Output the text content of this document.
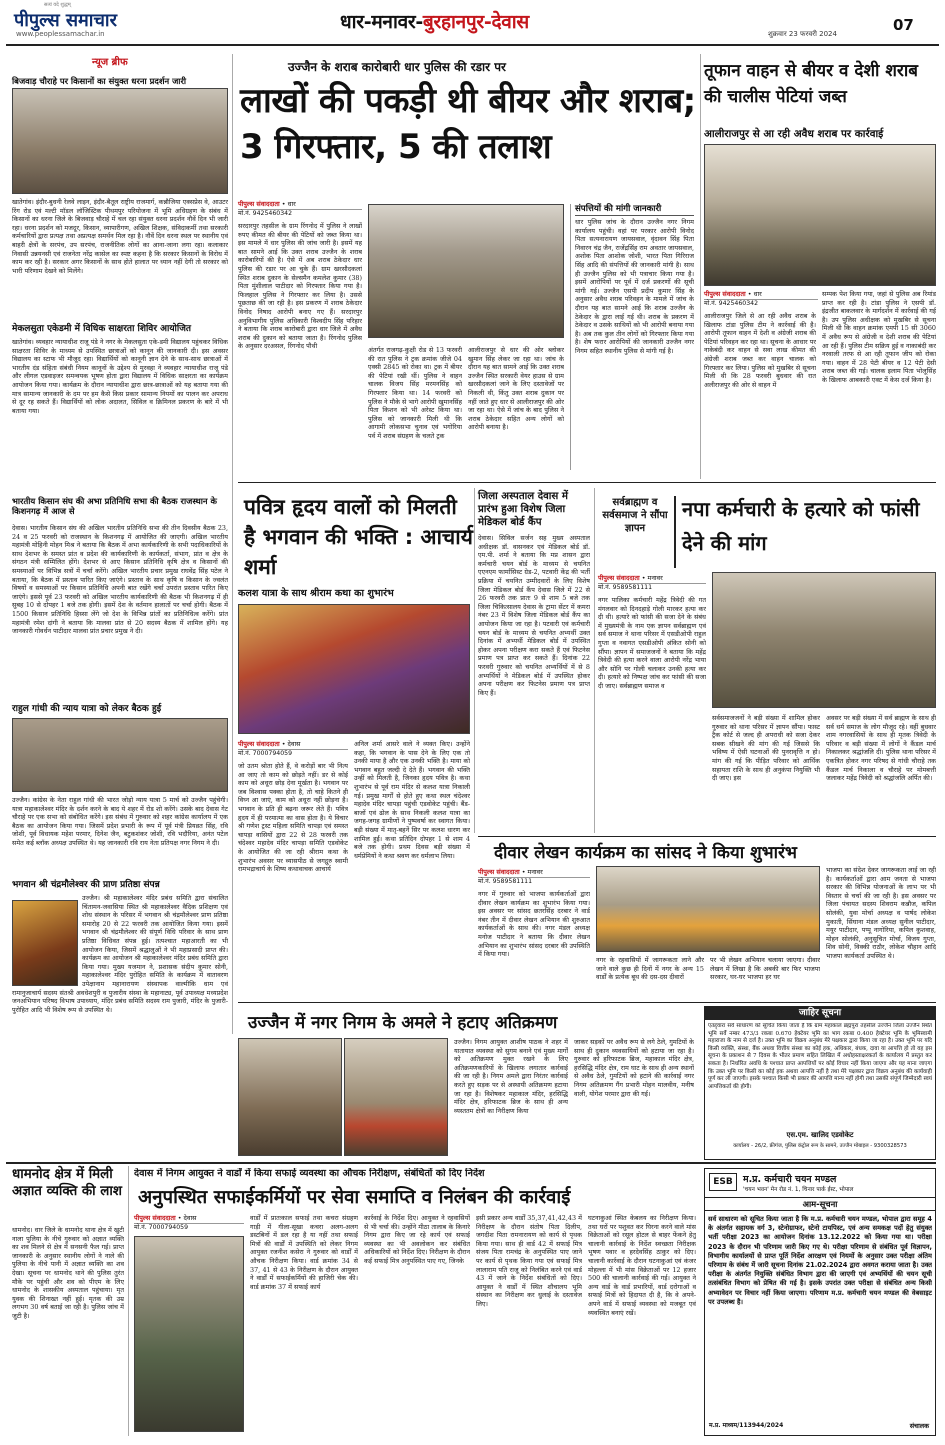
सत्यं वदे शुद्धम्
पीपुल्स समाचार
www.peoplessamachar.in
धार-मनावर-बुरहानपुर-देवास
शुक्रवार 23 फरवरी 2024	07
न्यूज ब्रीफ
बिजवाड़ चौराहे पर किसानों का संयुक्त धरना प्रदर्शन जारी
खातेगांव। इंदौर-बुधनी रेलवे लाइन, इंदौर-बैतूल राष्ट्रीय राजमार्ग, कन्नौजिया एक्सप्रेस वे, आउटर रिंग रोड एवं मल्टी मॉडल लॉजिस्टिक पीथमपुर परियोजना में भूमि अधिग्रहण के संबंध में किसानों का धरना जिले के बिजवाड़ चौराहे में चल रहा संयुक्त धरना प्रदर्शन नौवें दिन भी जारी रहा। धरना प्रदर्शन को मजदूर, किसान, व्यापारीगण, अखिल शिक्षक, संविदाकर्मी तथा सरकारी कर्मचारियों द्वारा प्रत्यक्ष तथा अप्रत्यक्ष समर्थन मिल रहा है। नौवें दिन धरना स्थल पर स्थानीय एवं बाहरी क्षेत्रों के सरपंच, उप सरपंच, राजनीतिक लोगों का आना-जाना लगा रहा। कलाकार निवासी उन्नयनसी एवं राजनेता नरेंद्र कासेल का स्पष्ट कहना है कि सरकार किसानों के विरोध में काम कर रही है। सरकार अगर किसानों के साथ होते हालात पर ध्यान नहीं देगी तो सरकार को भारी परिणाम देखने को मिलेंगे।
मेकलसुता एकेडमी में विधिक साक्षरता शिविर आयोजित
खातेगांव। व्यवहार न्यायाधीश राजू पंडे ने नगर के मेकलसुता एके-डमी विद्यालय पहुंचकर विधिक साक्षरता शिविर के माध्यम से उपस्थित छात्राओं को कानून की जानकारी दी। इस अवसर विद्यालय का स्टाफ भी मौजूद रहा। विद्यार्थियों को कानूनी ज्ञान देने के साथ-साथ छात्राओं में भारतीय दंड संहिता संबंधी नियम कानूनों के उद्देश्य से मुरवहा ने व्यवहार न्यायाधीश राजू पंडे और लीगल एडवाइजर समन्वयक भूषण होता द्वारा विद्यालय में विधिक साक्षरता का कार्यक्रम आयोजन किया गया। कार्यक्रम के दौरान न्यायाधीश द्वारा छात्र-छात्राओं को यह बताया गया की मात्र सामान्य जानकारी के दम पर हम कैसे किस प्रकार सामान्य नियमों का पालन कर अपराध से दूर रह सकते हैं। विद्यार्थियों को लोक अदालत, सिविल व क्रिमिनल प्रकरण के बारे में भी बताया गया।
भारतीय किसान संघ की अभा प्रतिनिधि सभा की बैठक राजस्थान के किशनगढ़ में आज से
देवास। भारतीय किसान संघ की अखिल भारतीय प्रतिनिधि सभा की तीन दिवसीय बैठक 23, 24 व 25 फरवरी को राजस्थान के किशनगढ़ में आयोजित की जाएगी। अखिल भारतीय महामंत्री मोहिनी मोहन मिश्र ने बताया कि बैठक में अभा कार्यकारिणी के सभी पदाधिकारियों के साथ देशभर के समस्त प्रांत व प्रदेश की कार्यकारिणी के कार्यकर्ता, संभाग, प्रांत व क्षेत्र के संगठन मंत्री सम्मिलित होंगे। देशभर से आए किसान प्रतिनिधि कृषि क्षेत्र व किसानों की समस्याओं पर विभिन्न सत्रों में चर्चा करेंगे। अखिल भारतीय प्रचार प्रमुख राघवेंद्र सिंह पटेल ने बताया, कि बैठक में प्रस्ताव पारित किए जाएंगे। प्रस्ताव के साथ कृषि व किसान के ज्वलंत विषयों व समस्याओं पर किसान प्रतिनिधि अपनी बात रखेंगे चर्चा उपरांत प्रस्ताव पारित किए जाएंगे। इससे पूर्व 23 फरवरी को अखिल भारतीय कार्यकारिणी की बैठक भी किशनगढ़ में ही सुबह 10 से दोपहर 1 बजे तक होगी। इसमें देश के वर्तमान हालातों पर चर्चा होगी। बैठक में 1500 किसान प्रतिनिधि हिस्सा लेंगे जो देश के विभिन्न प्रांतों का प्रतिनिधित्व करेंगे। प्रांत महामंत्री रमेश दांगी ने बताया कि मालवा प्रांत से 20 सदस्य बैठक में शामिल होंगे। यह जानकारी गोवर्धन पाटीदार मालवा प्रांत प्रचार प्रमुख ने दी।
राहुल गांधी की न्याय यात्रा को लेकर बैठक हुई
उज्जैन। कांग्रेस के नेता राहुल गांधी की भारत जोड़ो न्याय यात्रा 5 मार्च को उज्जैन पहुंचेगी। यात्रा महाकालेश्वर मंदिर के दर्शन करने के बाद ये शहर में रोड शो करेंगे। उसके बाद देवास गेट चौराहे पर एक सभा को संबोधित करेंगे। इस संबंध में गुरुवार को शहर कांग्रेस कार्यालय में एक बैठक का आयोजन किया गया। जिसमें प्रदेश प्रभारी के रूप में पूर्व मंत्री प्रियव्रत सिंह, रवि जोशी, पूर्व विधायक महेश परमार, दिनेश जैन, बटुकशंकर जोशी, रवि भदौरिया, अनंत पटेल समेत कई ब्लॉक अध्यक्ष उपस्थित थे। यह जानकारी रवि राय नेता प्रतिपक्ष नगर निगम ने दी।
भगवान श्री चंद्रमौलेश्वर की प्राण प्रतिष्ठा संपन्न
उज्जैन। श्री महाकालेश्वर मंदिर प्रबंध समिति द्वारा संचालित चिंतामन-जवासिया स्थित श्री महाकालेश्वर वैदिक प्रशिक्षण एवं शोध संस्थान के परिसर में भगवान श्री चंद्रमौलेश्वर प्राण प्रतिष्ठा समारोह 20 से 22 फरवरी तक आयोजित किया गया। इसमें भगवान श्री चंद्रमौलेश्वर की संपूर्ण विधि परिवार के साथ प्राण प्रतिष्ठा विधिवत संपन्न हुई। तत्पश्चात महाआरती का भी आयोजन किया, जिसमें श्रद्धालुओं ने भी महाप्रसादी प्राप्त की। कार्यक्रम का आयोजन श्री महाकालेश्वर मंदिर प्रबंध समिति द्वारा किया गया। मुख्य यजमान ने, प्रशासक संदीप कुमार सोनी, महाकालेश्वर मंदिर पुरोहित समिति के कार्यक्रम में वातावरण उपेक्षानाम महानारायण संस्थापक वाल्मीकि धाम एवं रामानुजाचार्य सदस्य संतश्री अवधेशपुरी व पुजारीय संस्था के महानाट्य, पूर्व उपाध्यक्ष मध्यप्रदेश जनअभियान परिषद विभाष उपाध्याय, मंदिर प्रबंध समिति सदस्य राम पुजारी, मंदिर के पुजारी-पुरोहित आदि भी विशेष रूप से उपस्थित थे।
उज्जैन के शराब कारोबारी धार पुलिस की रडार पर
लाखों की पकड़ी थी बीयर और शराब; 3 गिरफ्तार, 5 की तलाश
पीपुल्स संवाददाता • धार
मो.नं. 9425460342
सरदारपुर तहसील के ग्राम रिंगनोद में पुलिस ने लाखों रुपए कीमत की बीयर की पेटियों को जब्त किया था। इस मामले में धार पुलिस की जांच जारी है। इसमें यह बात सामने आई कि उक्त शराब उज्जैन के शराब कारोबारियों की है। ऐसे में अब शराब ठेकेदार धार पुलिस की रडार पर आ चुके हैं। ग्राम खरसौदकलां स्थित शराब दुकान के सेल्समैन कमलेश कुमार (38) पिता मुंशीलाल पाटीदार को गिरफ्तार किया गया है। फिलहाल पुलिस ने गिरफ्तार कर लिया है। उससे पूछताछ की जा रही है। इस प्रकरण में शराब ठेकेदार विनोद निषाद आरोपी बनाए गए हैं। सरदारपुर अनुविभागीय पुलिस अधिकारी विश्वदीप सिंह परिहार ने बताया कि शराब कारोबारी द्वारा धार जिले में अवैध शराब की दुकान को बताया जाता है। रिंगनोद पुलिस के अनुसार दरअसल, रिंगनोद पौथी	अंतर्गत राजगढ़-कुक्षी रोड से 13 फरवरी की रात पुलिस ने ट्रक क्रमांक जीजे 04 एक्सी 2845 को रोका था। ट्रक में बीयर की पेटियां रखी थीं। पुलिस ने वाहन चालक विजय सिंह मरमनसिंह को गिरफ्तार किया था। 14 फरवरी को पुलिस ने मौके से भागे आरोपी खुमानसिंह पिता किशन को भी अरेस्ट किया था। पुलिस को जानकारी मिली थी कि आगामी लोकसभा चुनाव एवं भगोरिया पर्व में शराब संग्रहण के चलते ट्रक
आलीराजपुर से धार की ओर ब्लोकर खुमान सिंह लेकर जा रहा था। जांच के दौरान यह बात सामने आई कि उक्त शराब उज्जैन स्थित सरकारी वेयर हाउस से ग्राम खरसौदकलां जाने के लिए दस्तावेजों पर निकली थी, किंतु उक्त शराब दुकान पर नहीं जाते हुए धार से आलीराजपुर की ओर जा रहा था। ऐसे में जांच के बाद पुलिस ने शराब ठेकेदार सहित अन्य लोगों को आरोपी बनाया है।
संपत्तियों की मांगी जानकारी
धार पुलिस जांच के दौरान उज्जैन नगर निगम कार्यालय पहुंची। वहां पर परकार आरोपी विनोद पिता सत्यनारायण जायसवाल, वृंदावन सिंह पिता निवारन चंद्र जैन, राजेंद्रसिंह राम अवतार जायसवाल, अशोक पिता आशोक जोशी, भारत पिता गिरिराज सिंह आदि की संपत्तियों की जानकारी मांगी है। साथ ही उज्जैन पुलिस को भी पत्राचार किया गया है। इसमें आरोपियों पर पूर्व में दर्ज प्रकरणों की सूची मांगी गई। उज्जैन एसपी प्रदीप कुमार सिंह के अनुसार अवैध शराब परिवहन के मामले में जांच के दौरान यह बात सामने आई कि शराब उज्जैन के ठेकेदार के द्वारा लाई गई थी। शराब के प्रकरण में ठेकेदार व उसके साथियों को भी आरोपी बनाया गया है। अब तक कुल तीन लोगों को गिरफ्तार किया गया है। शेष फरार आरोपियों की जानकारी उज्जैन नगर निगम सहित स्थानीय पुलिस से मांगी गई है।
तूफान वाहन से बीयर व देशी शराब की चालीस पेटियां जब्त
आलीराजपुर से आ रही अवैध शराब पर कार्रवाई
पीपुल्स संवाददाता • धार
मो.नं. 9425460342
आलीराजपुर जिले से आ रही अवैध शराब के खिलाफ टांडा पुलिस टीम ने कार्रवाई की है। आरोपी तूफान वाहन में देशी व अंग्रेजी शराब की पेटियां परिवहन कर रहा था। सूचना के आधार पर नाकेबंदी कर वाहन से सवा लाख कीमत की अंग्रेजी शराब जब्त कर वाहन चालक को गिरफ्तार कर लिया। पुलिस को मुखबिर से सूचना मिली थी कि 28 फरवरी बुधवार की रात अलीराजपुर की ओर से वाहन में
सम्पक पेश किया गया, जहां से पुलिस अब रिमांड प्राप्त कर रही है। टांडा पुलिस ने एसपी डॉ. इंद्रजीत बाकलवार के मार्गदर्शन में कार्रवाई की गई है। उप पुलिस अधीक्षक को मुखबिर से सूचना मिली थी कि वाहन क्रमांक एमपी 15 सी 3060 में अवैध रूप से अंग्रेजी व देशी शराब की पेटियां आ रही हैं। पुलिस टीम सक्रिय हुई व नाकाबंदी कर नरवाली तरफ से आ रही तूफान जीप को रोका गया। वाहन में 28 पेटी बीयर व 12 पेटी देसी शराब जब्त की गई। चालक इलाम पिता भोलूसिंह के खिलाफ आबकारी एक्ट में केस दर्ज किया है।
पवित्र हृदय वालों को मिलती है भगवान की भक्ति : आचार्य शर्मा
कलश यात्रा के साथ श्रीराम कथा का शुभारंभ
पीपुल्स संवाददाता • देवास
मो.नं. 7000794059
जो उतम श्रोता होते हैं, वे करोड़ों बार भी नित्य आ जाए तो काम को छोड़ते नहीं। डर से कोई काम को अधूरा छोड़ देना मूर्खता है। भगवान पर जब विश्वास पक्का होता है, तो चाहे कितने ही विघ्न आ जाएं, काम को अधूरा नहीं छोड़ना है। भगवान के प्रति ही बढ़ना जरूर लेते हैं। पवित्र हृदय में ही परमात्मा का वास होता है। ये विचार श्री गणेश ट्रस्ट महिला समिति चापड़ा एवं समस्त चापड़ा वासियों द्वारा 22 से 28 फरवरी तक चंदेश्वर महादेव मंदिर चापड़ा समिति एडवोकेट के आयोजित की जा रही श्रीराम कथा के शुभारंभ अवसर पर व्यासपीठ से जगद्गुरु स्वामी रामभद्राचार्य के शिष्य कथावाचक आचार्य
अनिल शर्मा आसरे वाले ने व्यक्त किए। उन्होंने कहा, कि भगवान के पास देने के लिए एक तो उनकी माया है और एक उनकी भक्ति है। माया को भगवान बहुत जल्दी दे देते हैं। भगवान की भक्ति उन्हीं को मिलती है, जिनका हृदय पवित्र है। कथा शुभारंभ से पूर्व राम मंदिर से कलश यात्रा निकाली गई। प्रमुख मार्गों से होते हुए कथा स्थल चंदेश्वर महादेव मंदिर चापड़ा पहुंची एडवोकेट पहुंची। बैंड-बाजों एवं ढोल के साथ निकली कलश यात्रा का जगह-जगह ग्रामीणों ने पुष्पवर्षा कर स्वागत किया। बड़ी संख्या में मातृ-बहनें सिर पर कलश धारण कर शामिल हुईं। कथा प्रतिदिन दोपहर 1 से शाम 4 बजे तक होगी। प्रथम दिवस बड़ी संख्या में धर्मप्रेमियों ने कथा श्रवण कर धर्मलाभ लिया।
जिला अस्पताल देवास में प्रारंभ हुआ विशेष जिला मेडिकल बोर्ड कैंप
देवास। सिविल सर्जन सह मुख्य अस्पताल अधीक्षक डॉ. वासनकर एवं मेडिकल बोर्ड डॉ. एम.पी. शर्मा ने बताया कि मप्र शासन द्वारा कर्मचारी चयन बोर्ड के माध्यम से चयनित एएनएम फार्मासिस्ट ग्रेड-2, पटवारी केंद्र की भर्ती प्रक्रिया में चयनित उम्मीदवारों के लिए विशेष जिला मेडिकल बोर्ड कैंप देवास जिले में 22 से 26 फरवरी तक प्रातः 9 से शाम 5 बजे तक जिला चिकित्सालय देवास के ट्रामा सेंटर में कमरा नंबर 23 में विशेष जिला मेडिकल बोर्ड कैंप का आयोजन किया जा रहा है। पटवारी एवं कर्मचारी चयन बोर्ड के माध्यम से चयनित अभ्यर्थी उक्त दिनांक में अभ्यर्थी मेडिकल बोर्ड में उपस्थित होकर अपना परीक्षण करा सकते हैं एवं फिटनेस प्रमाण पत्र प्राप्त कर सकते हैं। दिनांक 22 फरवरी गुरुवार को चयनित अभ्यर्थियों में से 8 अभ्यर्थियों ने मेडिकल बोर्ड में उपस्थित होकर अपना परीक्षण कर फिटनेस प्रमाण पत्र प्राप्त किए हैं।
सर्वब्राह्मण व सर्वसमाज ने सौंपा ज्ञापन
नपा कर्मचारी के हत्यारे को फांसी देने की मांग
पीपुल्स संवाददाता • मनावर
मो.नं. 9589581111
नगर पालिका कर्मचारी महेंद्र त्रिवेदी की गत मंगलवार को दिनदहाड़े गोली मारकर हत्या कर दी थी। हत्यारे को फांसी की सजा देने के संबंध में मुख्यमंत्री के नाम एक ज्ञापन सर्वब्राह्मण एवं सर्व समाज ने थाना परिसर में एसडीओपी राहुल गुप्ता व नवागत एसडीओपी अंकित सोनी को सौंपा। ज्ञापन में समाजजनों ने बताया कि महेंद्र त्रिवेदी की हत्या करने वाला आरोपी नरेंद्र भाया और सोनि पर गोली चलाकर उनकी हत्या कर दी। हत्यारे को निष्पक्ष जांच कर फांसी की सजा दी जाए। सर्वब्राह्मण समाज व
सर्वसमाजजनों ने बड़ी संख्या में शामिल होकर गुरुवार को थाना परिसर में ज्ञापन सौंपा। फास्ट ट्रैक कोर्ट से जल्द ही अपराधी को सजा देकर सबक सीखने की मांग की गई जिससे कि भविष्य में ऐसी घटनाओं की पुनरावृत्ति न हो। मांग की गई कि पीड़ित परिवार को आर्थिक सहायता राशि के साथ ही अनुकंपा नियुक्ति भी दी जाए। इस
अवसर पर बड़ी संख्या में सर्व ब्राह्मण के साथ ही सर्व धर्म समाज के लोग मौजूद रहे। वहीं बुधवार शाम नगरवासियों के साथ ही मृतक त्रिवेदी के परिवार व बड़ी संख्या में लोगों ने कैंडल मार्च निकालकर श्रद्धांजलि दी। पुलिस थाना परिसर में एकत्रित होकर नगर परिषद से गांधी चौराहे तक कैंडल मार्च निकाला व चौराहे पर मोमबत्ती जलाकर महेंद्र त्रिवेदी को श्रद्धांजलि अर्पित की।
दीवार लेखन कार्यक्रम का सांसद ने किया शुभारंभ
पीपुल्स संवाददाता • मनावर
मो.नं. 9589581111
नगर में गुरुवार को भाजपा कार्यकर्ताओं द्वारा दीवार लेखन कार्यक्रम का शुभारंभ किया गया। इस अवसर पर सांसद छतरसिंह दरबार ने वार्ड नंबर तीन में दीवार लेखन अभियान की शुरुआत कार्यकर्ताओं के साथ की। नगर मंडल अध्यक्ष मनोज पाटीदार ने बताया कि दीवार लेखन अभियान का शुभारंभ सांसद दरबार की उपस्थिति में किया गया।
नगर के रहवासियों में जागरूकता लाने और जाने वाले कुछ ही दिनों में नगर के अन्य 15 वार्डों के प्रत्येक बूथ की दस-दस दीवारों
पर भी लेखन अभियान चलाया जाएगा। दीवार लेखन में लिखा है कि अबकी बार फिर भाजपा सरकार, घर-घर भाजपा हर घर
भाजपा का संदेश देकर जागरूकता लाई जा रही है। कार्यकर्ताओं द्वारा आम जनता से भाजपा सरकार की विभिन्न योजनाओं के लाभ पर भी विस्तार से चर्चा की जा रही है। इस अवसर पर जिला पंचायत सदस्य शिवराम कन्नौज, कपिल सोलंकी, युवा मोर्चा अध्यक्ष व पार्षद लोकेश मुकाती, सिंघाना मंडल अध्यक्ष सुनील पाटीदार, मयूर पाटीदार, पप्पू नागोरिया, कपिल कुशवाह, मोहन सोलंकी, अनुसूचित मोर्चा, विजय गुप्ता, शिव सोनी, विक्की राठौर, लोकेश चौहान आदि भाजपा कार्यकर्ता उपस्थित थे।
उज्जैन में नगर निगम के अमले ने हटाए अतिक्रमण
उज्जैन। निगम आयुक्त आशीष पाठक ने शहर में यातायात व्यवस्था को सुगम बनाने एवं मुख्य मार्गों को अतिक्रमण मुक्त रखने के लिए अतिक्रमणकारियों के खिलाफ लगातार कार्रवाई की जा रही है। निगम अमले द्वारा निरंतर कार्रवाई करते हुए सड़क पर से अस्थायी अतिक्रमण हटाया जा रहा है। विशेषकर महाकाल मंदिर, हरसिद्धि मंदिर क्षेत्र, हरिफाटक ब्रिज के साथ ही अन्य व्यस्ततम क्षेत्रों का निरीक्षण किया
जाकर सड़कों पर अवैध रूप से लगे ठेले, गुमटियों के साथ ही दुकान व्यवसायियों को हटाया जा रहा है। गुरुवार को हरिफाटक ब्रिज, महाकाल मंदिर क्षेत्र, हरसिद्धि मंदिर क्षेत्र, राम घाट के साथ ही अन्य स्थानों से अवैध ठेले, गुमटियों को हटाने की कार्रवाई नगर निगम अतिक्रमण गैंग प्रभारी मोहन मालवीय, मनीष वाली, योगेश परमार द्वारा की गई।
जाहिर सूचना
एतद्द्वारा सर्व साधारण को सूचित किया जाता है कि ग्राम महाकाल ब्रह्मपुरा तहसील उज्जैन जिला उज्जैन स्थित भूमि सर्वे नम्बर 473/3 रकबा 0.670 हेक्टेयर भूमि का भाग रकबा 0.400 हेक्टेयर भूमि के भूमिस्वामी महाराजा के नाम से दर्ज है। उक्त भूमि का विक्रय अनुबंध मेरे पक्षकार द्वारा किया जा रहा है। उक्त भूमि पर यदि किसी व्यक्ति, संस्था, बैंक अथवा वित्तीय संस्था का कोई हक, अधिकार, बंधक, दावा या आपत्ति हो तो वह इस सूचना के प्रकाशन से 7 दिवस के भीतर प्रमाण सहित लिखित में अधोहस्ताक्षरकर्ता के कार्यालय में प्रस्तुत कर सकता है। निर्धारित अवधि के पश्चात प्राप्त आपत्तियों पर कोई विचार नहीं किया जाएगा और यह माना जाएगा कि उक्त भूमि पर किसी का कोई हक अथवा आपत्ति नहीं है तथा मेरे पक्षकार द्वारा विक्रय अनुबंध की कार्यवाही पूर्ण कर ली जाएगी। इसके पश्चात किसी भी प्रकार की आपत्ति मान्य नहीं होगी तथा उसकी संपूर्ण जिम्मेदारी स्वयं आपत्तिकर्ता की होगी।
एस.एम. खालिद एडवोकेट
कार्यालय - 26/2, फ्रीगंज, पुलिस कंट्रोल रूम के सामने, उज्जैन मोबाइल - 9300328573
धामनोद क्षेत्र में मिली अज्ञात व्यक्ति की लाश
धामनोद। धार जिले के धामनोद थाना क्षेत्र में खुटी नाला पुलिया के नीचे गुरुवार को अज्ञात व्यक्ति का शव मिलने से क्षेत्र में सनसनी फैल गई। प्राप्त जानकारी के अनुसार स्थानीय लोगों ने नाले की पुलिया के नीचे पानी में अज्ञात व्यक्ति का शव देखा। सूचना पर धामनोद थाने की पुलिस तुरंत मौके पर पहुंची और शव को पीएम के लिए धामनोद के शासकीय अस्पताल पहुंचाया। मृत युवक की शिनाख्त नहीं हुई। मृतक की उम्र लगभग 30 वर्ष बताई जा रही है। पुलिस जांच में जुटी है।
देवास में निगम आयुक्त ने वार्डों में किया सफाई व्यवस्था का औचक निरीक्षण, संबंधितों को दिए निर्देश
अनुपस्थित सफाईकर्मियों पर सेवा समाप्ति व निलंबन की कार्रवाई
पीपुल्स संवाददाता • देवास
मो.नं. 7000794059
वार्डों में प्रातःकाल सफाई तथा कचरा संग्रहण गाड़ी में गीला-सूखा कचरा अलग-अलग डस्टबिनों में डल रहा है या नहीं तथा सफाई मित्रों की वार्डों में उपस्थिति को लेकर निगम आयुक्त रजनीश कसेरा ने गुरुवार को वार्डों में औचक निरीक्षण किया। वार्ड क्रमांक 34 से 37, 41 से 43 के निरीक्षण के दौरान आयुक्त ने वार्डों में सफाईकर्मियों की हाजिरी चेक की। वार्ड क्रमांक 37 में सफाई कार्य
कार्रवाई के निर्देश दिए। आयुक्त ने रहवासियों से भी चर्चा की। उन्होंने मीठा तालाब के किनारे निगम द्वारा किए जा रहे कार्य एवं सफाई व्यवस्था का भी अवलोकन कर संबंधित अधिकारियों को निर्देश दिए। निरीक्षण के दौरान कई सफाई मित्र अनुपस्थित पाए गए, जिनके
इसी प्रकार अन्य वार्डों 35,37,41,42,43 में निरीक्षण के दौरान संतोष पिता दिलीप, जगदीश पिता रामनारायण को कार्य से पृथक किया गया। साथ ही वार्ड 42 में सफाई मित्र संजय पिता रामचंद्र के अनुपस्थित पाए जाने पर कार्य से पृथक किया गया एवं सफाई मित्र लालाराम पति राजू को निलंबित करने एवं वार्ड 43 में जाने के निर्देश संबंधितों को दिए। आयुक्त ने वार्डों में स्थित शौचालय भूमि संस्थान का निरीक्षण कर धुलाई के दस्तावेज लिए।
घटनाकुआं स्थित केबलय का निरीक्षण किया। तथा घरों पर पशुवत कर घिरना करने वाले मांस विक्रेताओं को रसूल होटल से बाहर फेंकने हेतु चालानी कार्रवाई के निर्देश स्वच्छता निरीक्षक भूषण पवार व हरदेवसिंह ठाकुर को दिए। चालानी कार्रवाई के दौरान घटनाकुआं एवं कंजर मोहल्ला में भी मांस विक्रेताओं पर 12 हजार 500 की चालानी कार्रवाई की गई। आयुक्त ने अन्य वार्ड के वार्ड प्रभारियों, वार्ड दरोगाओं व सफाई मित्रों को हिदायत दी है, कि वे अपने-अपने वार्ड में सफाई व्यवस्था को मजबूत एवं व्यवस्थित बनाएं रखें।
ESB	म.प्र. कर्मचारी चयन मण्डल
'चयन भवन' मेन रोड नं. 1, चिनार पार्क ईस्ट, भोपाल
आम-सूचना
सर्व साधारण को सूचित किया जाता है कि म.प्र. कर्मचारी चयन मण्डल, भोपाल द्वारा समूह 4 के अंतर्गत सहायक वर्ग 3, स्टेनोग्राफर, स्टेनो टायपिस्ट, एवं अन्य समकक्ष पदों हेतु संयुक्त भर्ती परीक्षा 2023 का आयोजन दिनांक 13.12.2022 को किया गया था। परीक्षा 2023 के दौरान भी परिणाम जारी किए गए थे। परीक्षा परिणाम से संबंधित पूर्व विज्ञापन, विभागीय कार्यालयों से प्राप्त पूर्ति निर्देश आरक्षण एवं नियमों के अनुसार उक्त परीक्षा अंतिम परिणाम के संबंध में जारी सूचना दिनांक 21.02.2024 द्वारा अवगत कराया जाता है। उक्त परीक्षा के अंतर्गत नियुक्ति संबंधित विभाग द्वारा की जाएगी एवं अभ्यर्थियों की चयन सूची तत्संबंधित विभाग को प्रेषित की गई है। इसके उपरांत उक्त परीक्षा से संबंधित अन्य किसी अभ्यावेदन पर विचार नहीं किया जाएगा। परिणाम म.प्र. कर्मचारी चयन मण्डल की वेबसाइट पर उपलब्ध है।
म.प्र. माध्यम/113944/2024	संचालक
